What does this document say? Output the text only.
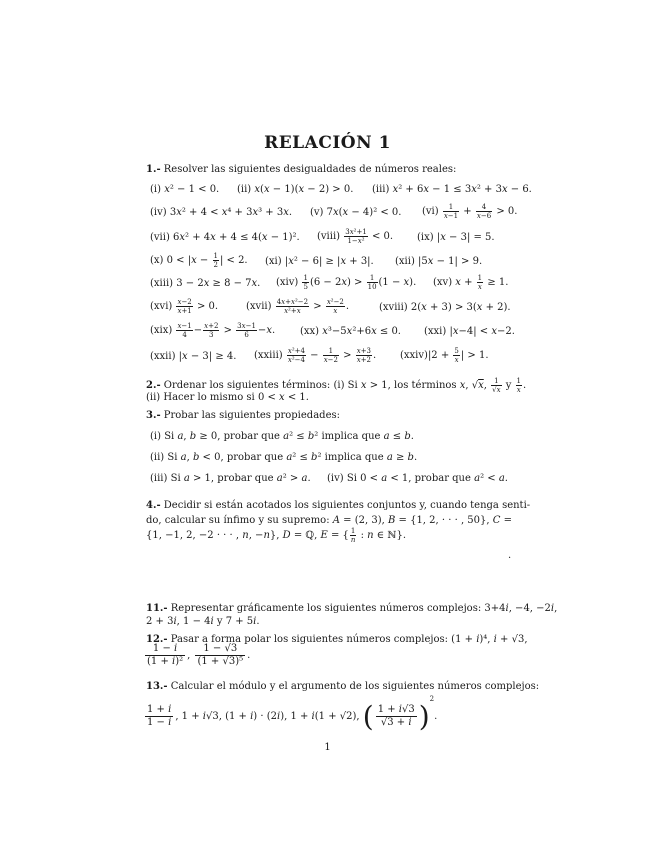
RELACIÓN 1
1.- Resolver las siguientes desigualdades de números reales:
(i) x² − 1 < 0. (ii) x(x − 1)(x − 2) > 0. (iii) x² + 6x − 1 ≤ 3x² + 3x − 6.
(iv) 3x² + 4 < x⁴ + 3x³ + 3x. (v) 7x(x − 4)² < 0. $(vi) \frac{1}{x-1} + \frac{4}{x-6} > 0$.
(vii) 6x² + 4x + 4 ≤ 4(x − 1)². (viii) $\frac{\text{3x²+1}}{\text{1−x²}} < 0$. (ix) |x − 3| = 5.
(x) $0 < |x - \frac{1}{2}$ | < 2. (xi) |x² − 6| ≥ |x + 3|. (xii) |5x − 1| > 9.
(xiii) 3 − 2x ≥ 8 − 7x. $(xiv) \frac{1}{5} (6 - 2x) > \frac{1}{10} (1 - x)$. (xv) $x + \frac{1}{x} \ge 1$.
$(xvi) \frac{x-2}{x+1} > 0$.	(xvii) $\frac{\text{4x+x²−2}}{\text{x²+x}} > \frac{\text{x²−2}}{x}$ .	(xviii) 2(x + 3) > 3(x + 2).
$(xix) \frac{x-1}{4} - \frac{x+2}{3} > \frac{3x-1}{6} -x$. (xx) x³−5x²+6x ≤ 0. (xxi) |x−4| < x−2.
(xxii) |x − 3| ≥ 4. (xxiii) $\frac{\text{x²+4}}{\text{x²−4}} - \frac{1}{x-2} > \frac{x+3}{x+2}$ . (xxiv)|2 + $\frac{5}{x}$ | > 1.
2.- Ordenar los siguientes términos: (i) Si x > 1, los términos x, √x, $\frac{1}{√x}$ y $\frac{1}{x}$ .
(ii) Hacer lo mismo si 0 < x < 1.
3.- Probar las siguientes propiedades:
(i) Si a, b ≥ 0, probar que a² ≤ b² implica que a ≤ b.
(ii) Si a, b < 0, probar que a² ≤ b² implica que a ≥ b.
(iii) Si a > 1, probar que a² > a. (iv) Si 0 < a < 1, probar que a² < a.
4.- Decidir si están acotados los siguientes conjuntos y, cuando tenga senti-
do, calcular su ínfimo y su supremo: A = (2, 3), B = {1, 2, · · · , 50}, C =
{1, −1, 2, −2 · · · , n, −n}, D = ℚ, E = { $\frac{1}{n}$ : n ∈ ℕ}.
.
11.- Representar gráficamente los siguientes números complejos: 3+4i, −4, −2i,
2 + 3i, 1 − 4i y 7 + 5i.
12.- Pasar a forma polar los siguientes números complejos: (1 + i)⁴, i + √3,
$\frac{1 - i}{\text{(1 + i)²}}$ , $\frac{1 - √3}{\text{(1 + √3)⁵}}$ .
13.- Calcular el módulo y el argumento de los siguientes números complejos:
$\frac{1 + i}{1 - i}$ , 1 + i√3, (1 + i) · (2i), 1 + i(1 + √2), ( $\frac{1 + i√3}{√3 + i} )^2$.
1
